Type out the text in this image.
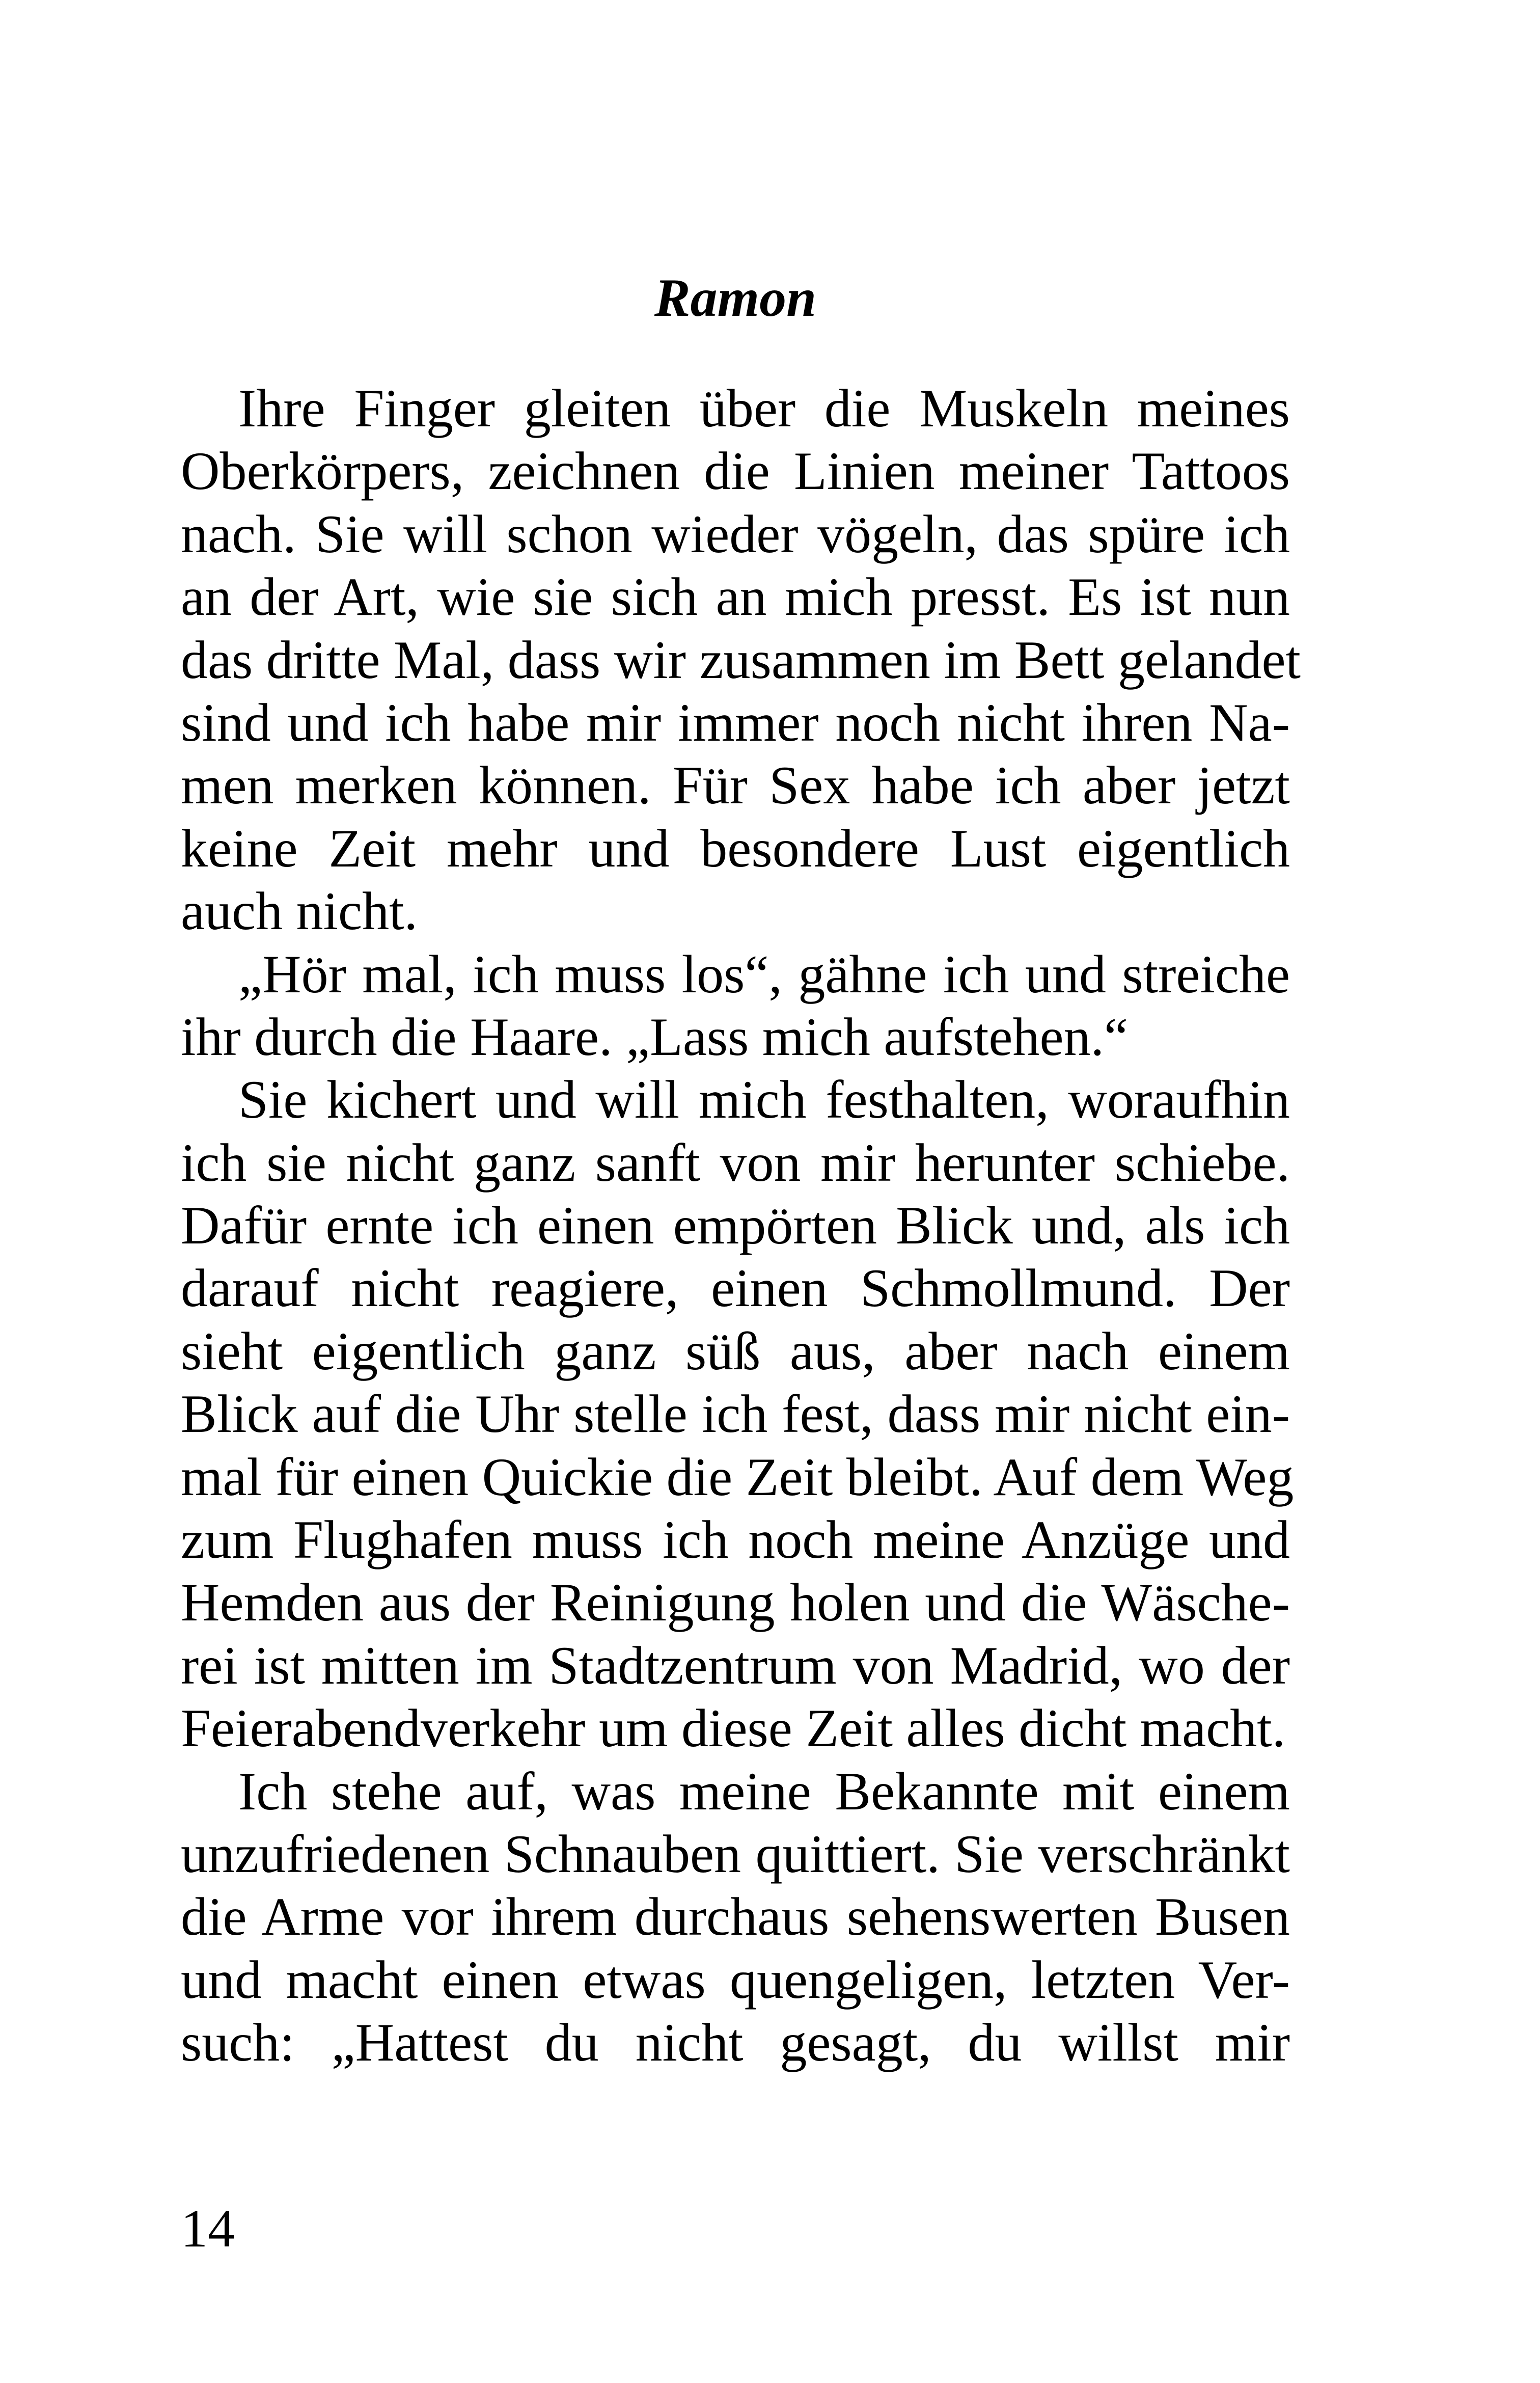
Ramon
Ihre Finger gleiten über die Muskeln meines
Oberkörpers, zeichnen die Linien meiner Tattoos
nach. Sie will schon wieder vögeln, das spüre ich
an der Art, wie sie sich an mich presst. Es ist nun
das dritte Mal, dass wir zusammen im Bett gelandet
sind und ich habe mir immer noch nicht ihren Na-
men merken können. Für Sex habe ich aber jetzt
keine Zeit mehr und besondere Lust eigentlich
auch nicht.
„Hör mal, ich muss los“, gähne ich und streiche
ihr durch die Haare. „Lass mich aufstehen.“
Sie kichert und will mich festhalten, woraufhin
ich sie nicht ganz sanft von mir herunter schiebe.
Dafür ernte ich einen empörten Blick und, als ich
darauf nicht reagiere, einen Schmollmund. Der
sieht eigentlich ganz süß aus, aber nach einem
Blick auf die Uhr stelle ich fest, dass mir nicht ein-
mal für einen Quickie die Zeit bleibt. Auf dem Weg
zum Flughafen muss ich noch meine Anzüge und
Hemden aus der Reinigung holen und die Wäsche-
rei ist mitten im Stadtzentrum von Madrid, wo der
Feierabendverkehr um diese Zeit alles dicht macht.
Ich stehe auf, was meine Bekannte mit einem
unzufriedenen Schnauben quittiert. Sie verschränkt
die Arme vor ihrem durchaus sehenswerten Busen
und macht einen etwas quengeligen, letzten Ver-
such: „Hattest du nicht gesagt, du willst mir

14
